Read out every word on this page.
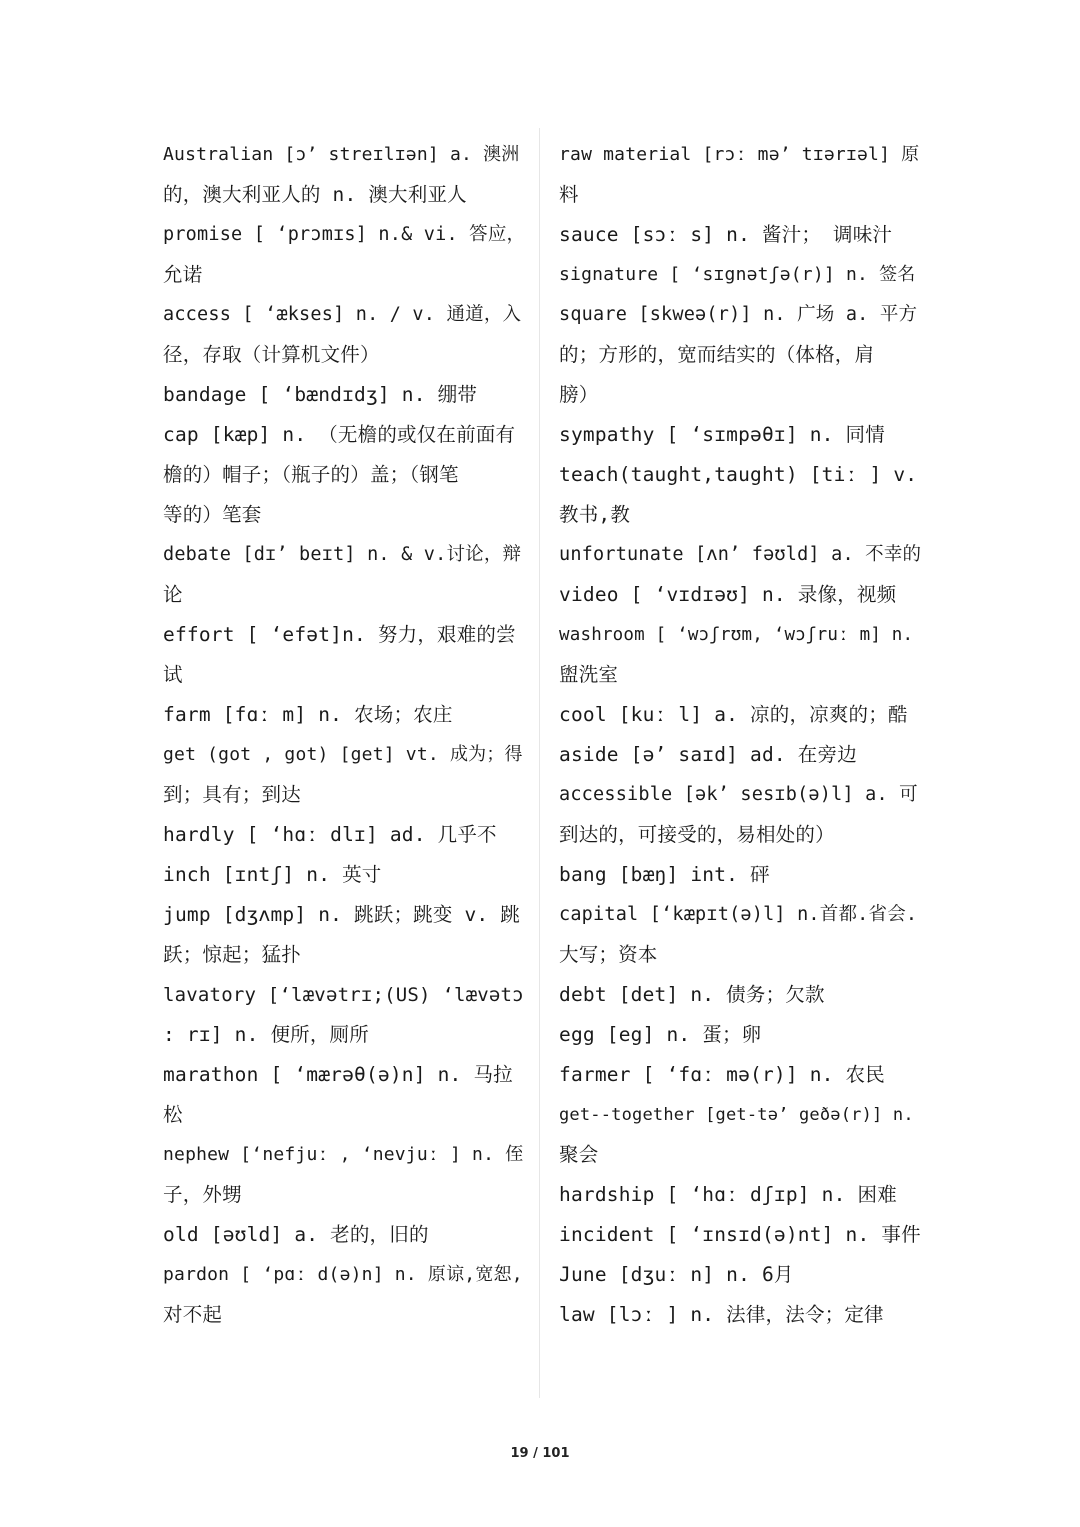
Australian [ɔ’ streɪlɪən] a. 澳洲
的，澳大利亚人的 n. 澳大利亚人
promise [ ‘prɔmɪs] n.& vi. 答应，
允诺
access [ ‘ækses] n. / v. 通道，入
径，存取（计算机文件）
bandage [ ‘bændɪdʒ] n. 绷带
cap [kæp] n. （无檐的或仅在前面有
檐的）帽子；（瓶子的）盖；（钢笔
等的）笔套
debate [dɪ’ beɪt] n. & v.讨论，辩
论
effort [ ‘efət]n. 努力，艰难的尝
试
farm [fɑː m] n. 农场；农庄
get (got , got) [get] vt. 成为；得
到；具有；到达
hardly [ ‘hɑː dlɪ] ad. 几乎不
inch [ɪntʃ] n. 英寸
jump [dʒʌmp] n. 跳跃；跳变 v. 跳
跃；惊起；猛扑
lavatory [‘lævətrɪ;(US) ‘lævətɔ
: rɪ] n. 便所，厕所
marathon [ ‘mærəθ(ə)n] n. 马拉
松
nephew [‘nefjuː , ‘nevjuː ] n. 侄
子，外甥
old [əʊld] a. 老的，旧的
pardon [ ‘pɑː d(ə)n] n. 原谅,宽恕,
对不起
raw material [rɔː mə’ tɪərɪəl] 原
料
sauce [sɔː s] n. 酱汁； 调味汁
signature [ ‘sɪgnətʃə(r)] n. 签名
square [skweə(r)] n. 广场 a. 平方
的；方形的，宽而结实的（体格，肩
膀）
sympathy [ ‘sɪmpəθɪ] n. 同情
teach(taught,taught) [tiː ] v.
教书,教
unfortunate [ʌn’ fəʊld] a. 不幸的
video [ ‘vɪdɪəʊ] n. 录像，视频
washroom [ ‘wɔʃrʊm, ‘wɔʃruː m] n.
盥洗室
cool [kuː l] a. 凉的，凉爽的；酷
aside [ə’ saɪd] ad. 在旁边
accessible [ək’ sesɪb(ə)l] a. 可
到达的，可接受的，易相处的）
bang [bæŋ] int. 砰
capital [‘kæpɪt(ə)l] n.首都.省会.
大写；资本
debt [det] n. 债务；欠款
egg [eg] n. 蛋；卵
farmer [ ‘fɑː mə(r)] n. 农民
get--together [get-tə’ geðə(r)] n.
聚会
hardship [ ‘hɑː dʃɪp] n. 困难
incident [ ‘ɪnsɪd(ə)nt] n. 事件
June [dʒuː n] n. 6月
law [lɔː ] n. 法律，法令；定律
19 / 101
